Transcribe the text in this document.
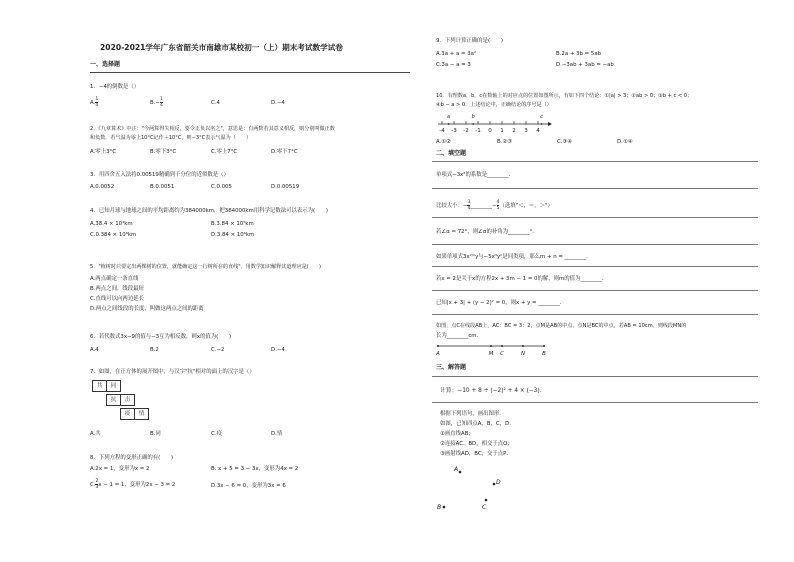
2020-2021学年广东省韶关市南雄市某校初一（上）期末考试数学试卷
一、选择题
1．−4的倒数是（）
A. $\frac{1}{4}$	$B.- \frac{1}{4}$	C.4	D.−4
2．《九章算术》中注："今两算得失相反，要令正负以名之"，意思是：有两数若其意义相反，则分别叫做正数
和负数．若气温为零上10°C记作＋10°C，则−3°C表示气温为（　　）
A.零上3°C	B.零下3°C	C.零上7°C	D.零下7°C
3．用四舍五入法将0.00519精确到千分位的近似数是（）
A.0.0052	B.0.0051	C.0.005	D.0.00519
4．已知月球与地球之间的平均距离约为384000km，把384000km用科学记数法可以表示为(　　)
A.38.4 × 10⁴km	B.3.84 × 10⁵km
C.0.384 × 10⁶km	D.3.84 × 10⁶km
5．"植树时只要定出两棵树的位置，就能确定这一行树所在的直线"，用数学知识解释其道理应是(　　)
A.两点确定一条直线
B.两点之间，线段最短
C.直线可以向两边延长
D.两点之间线段的长度，叫做这两点之间的距离
6．若代数式3x−9的值与−3互为相反数，则x的值为(　　)
A.4	B.2	C.−2	D.−4
7．如图，在正方体的展开图中，与汉字"抗"相对的面上的汉字是（）
共	同
抗	击
疫	情
A.共	B.同	C.疫	D.情
8．下列方程的变形正确的有(　　)
A.2x = 1，变形为x = 2	B. x + 5 = 3 − 3x，变形为4x = 2
C. $\frac{2}{3}$ x − 1 = 1，变形为2x − 3 = 2	D.3x − 6 = 0，变形为3x = 6
9．下列计算正确的是(　　)
A.3a + a = 3a²	B.2a + 3b = 5ab
C.3a − a = 3	D.−3ab + 3ab = −ab
10．有理数a，b，c在数轴上的对应点的位置如图所示，有如下四个结论：①|a| > 3；②ab > 0；③b + c < 0；
④b − a > 0．上述结论中，正确结论的序号是（）
-4 -3 -2 -1 0 1 2 3 4
a	b	c
A.①②	B.②③	C.③④	D.①④
二、填空题
单项式−3x²的系数是________．
比较大小：− $\frac{3}{4}$ ________− $\frac{4}{5}$ （选填"＜，＝，＞"）
若∠α = 72°，则∠α的补角为________°．
如果单项式3x²ᵐy与−5x³yⁿ是同类项，那么m + n = ________．
若x = 2是关于x的方程2x + 3m − 1 = 0的解，则m的值为________．
已知|x + 3| + (y − 2)² = 0，则x + y = ________．
如图，点C在线段AB上，AC：BC = 3：2，点M是AB的中点，点N是BC的中点，若AB = 10cm，则线段MN的
长为________cm．
A	M C	N	B
三、解答题
计算：−10 + 8 ÷ (−2)² + 4 × (−3)．
根据下列语句，画出图形．
如图，已知四点A，B，C，D．
①画直线AB；
②连接AC、BD，相交于点O；
③画射线AD，BC，交于点P．
A
B	C
D
